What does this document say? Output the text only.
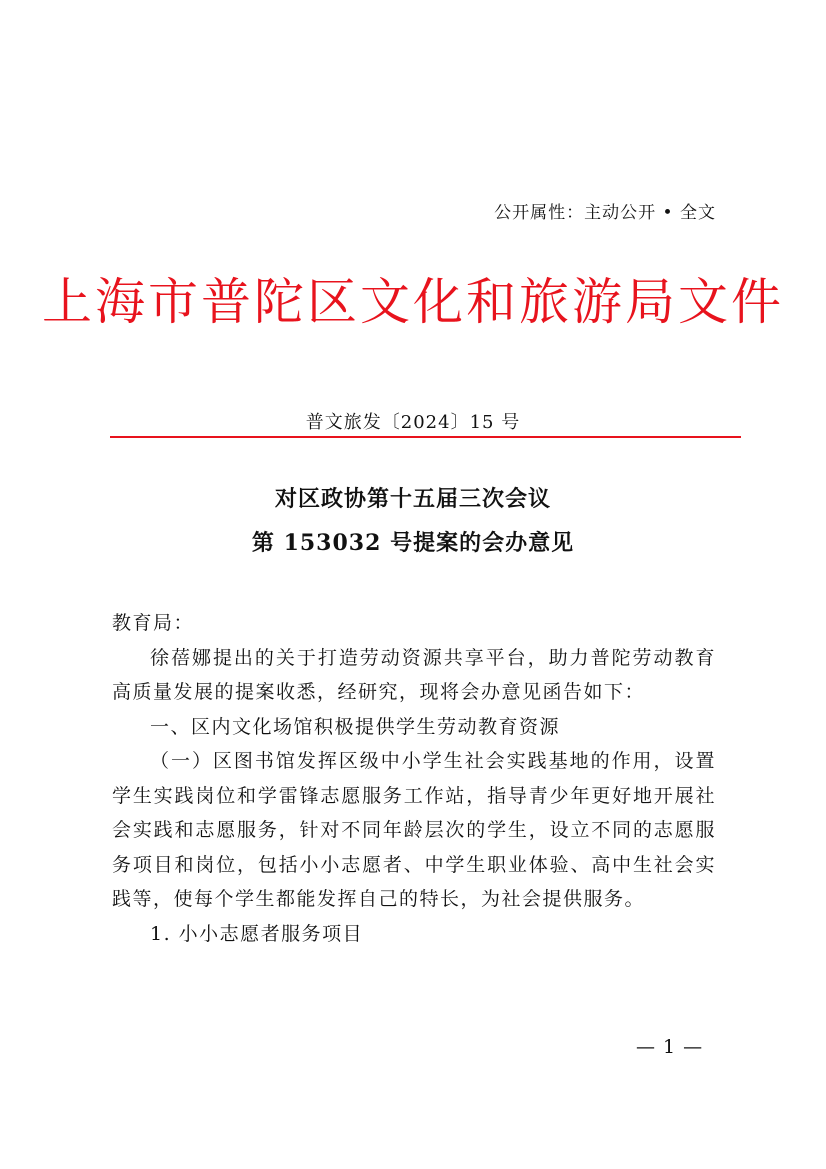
公开属性：主动公开 • 全文
上海市普陀区文化和旅游局文件
普文旅发〔2024〕15 号
对区政协第十五届三次会议
第 153032 号提案的会办意见

教育局：

徐蓓娜提出的关于打造劳动资源共享平台，助力普陀劳动教育高质量发展的提案收悉，经研究，现将会办意见函告如下：

一、区内文化场馆积极提供学生劳动教育资源

（一）区图书馆发挥区级中小学生社会实践基地的作用，设置学生实践岗位和学雷锋志愿服务工作站，指导青少年更好地开展社会实践和志愿服务，针对不同年龄层次的学生，设立不同的志愿服务项目和岗位，包括小小志愿者、中学生职业体验、高中生社会实践等，使每个学生都能发挥自己的特长，为社会提供服务。

1. 小小志愿者服务项目

— 1 —
